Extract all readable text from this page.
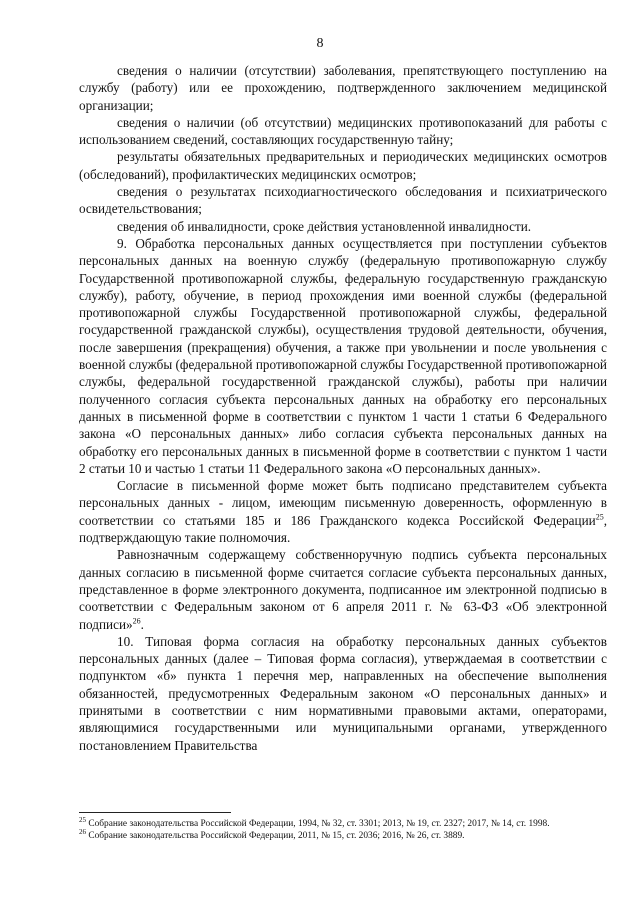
8

сведения о наличии (отсутствии) заболевания, препятствующего поступлению на службу (работу) или ее прохождению, подтвержденного заключением медицинской организации;

сведения о наличии (об отсутствии) медицинских противопоказаний для работы с использованием сведений, составляющих государственную тайну;

результаты обязательных предварительных и периодических медицинских осмотров (обследований), профилактических медицинских осмотров;

сведения о результатах психодиагностического обследования и психиатрического освидетельствования;

сведения об инвалидности, сроке действия установленной инвалидности.

9. Обработка персональных данных осуществляется при поступлении субъектов персональных данных на военную службу (федеральную противопожарную службу Государственной противопожарной службы, федеральную государственную гражданскую службу), работу, обучение, в период прохождения ими военной службы (федеральной противопожарной службы Государственной противопожарной службы, федеральной государственной гражданской службы), осуществления трудовой деятельности, обучения, после завершения (прекращения) обучения, а также при увольнении и после увольнения с военной службы (федеральной противопожарной службы Государственной противопожарной службы, федеральной государственной гражданской службы), работы при наличии полученного согласия субъекта персональных данных на обработку его персональных данных в письменной форме в соответствии с пунктом 1 части 1 статьи 6 Федерального закона «О персональных данных» либо согласия субъекта персональных данных на обработку его персональных данных в письменной форме в соответствии с пунктом 1 части 2 статьи 10 и частью 1 статьи 11 Федерального закона «О персональных данных».

Согласие в письменной форме может быть подписано представителем субъекта персональных данных - лицом, имеющим письменную доверенность, оформленную в соответствии со статьями 185 и 186 Гражданского кодекса Российской Федерации$^{25}$, подтверждающую такие полномочия.

Равнозначным содержащему собственноручную подпись субъекта персональных данных согласию в письменной форме считается согласие субъекта персональных данных, представленное в форме электронного документа, подписанное им электронной подписью в соответствии с Федеральным законом от 6 апреля 2011 г. № 63-ФЗ «Об электронной подписи»$^{26}$.

10. Типовая форма согласия на обработку персональных данных субъектов персональных данных (далее – Типовая форма согласия), утверждаемая в соответствии с подпунктом «б» пункта 1 перечня мер, направленных на обеспечение выполнения обязанностей, предусмотренных Федеральным законом «О персональных данных» и принятыми в соответствии с ним нормативными правовыми актами, операторами, являющимися государственными или муниципальными органами, утвержденного постановлением Правительства

$^{25}$ Собрание законодательства Российской Федерации, 1994, № 32, ст. 3301; 2013, № 19, ст. 2327; 2017, № 14, ст. 1998.

$^{26}$ Собрание законодательства Российской Федерации, 2011, № 15, ст. 2036; 2016, № 26, ст. 3889.
